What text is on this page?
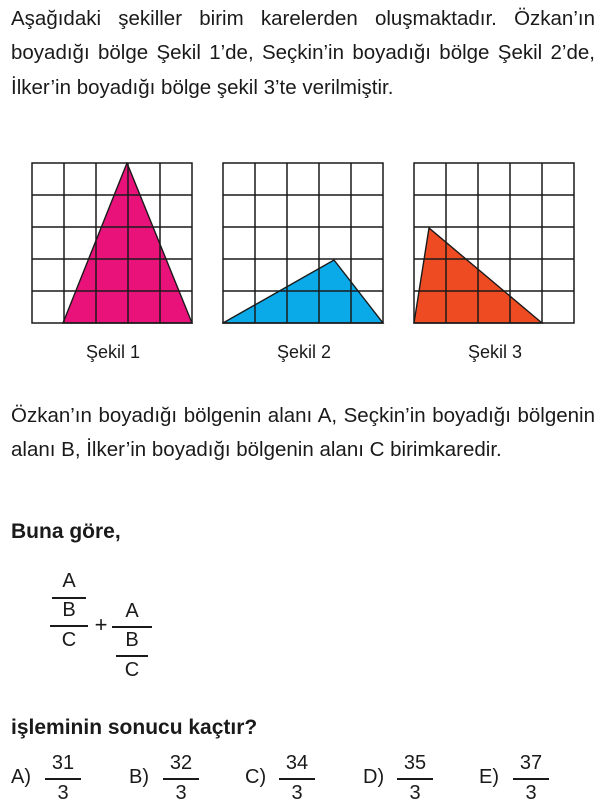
Aşağıdaki şekiller birim karelerden oluşmaktadır. Özkan’ın boyadığı bölge Şekil 1’de, Seçkin’in boyadığı bölge Şekil 2’de, İlker’in boyadığı bölge şekil 3’te verilmiştir.

Şekil 1	Şekil 2	Şekil 3

Özkan’ın boyadığı bölgenin alanı A, Seçkin’in boyadığı bölgenin alanı B, İlker’in boyadığı bölgenin alanı C birimkaredir.

Buna göre,

A
B
C
+
A
B
C

işleminin sonucu kaçtır?

A)
31
3
B)
32
3
C)
34
3
D)
35
3
E)
37
3
